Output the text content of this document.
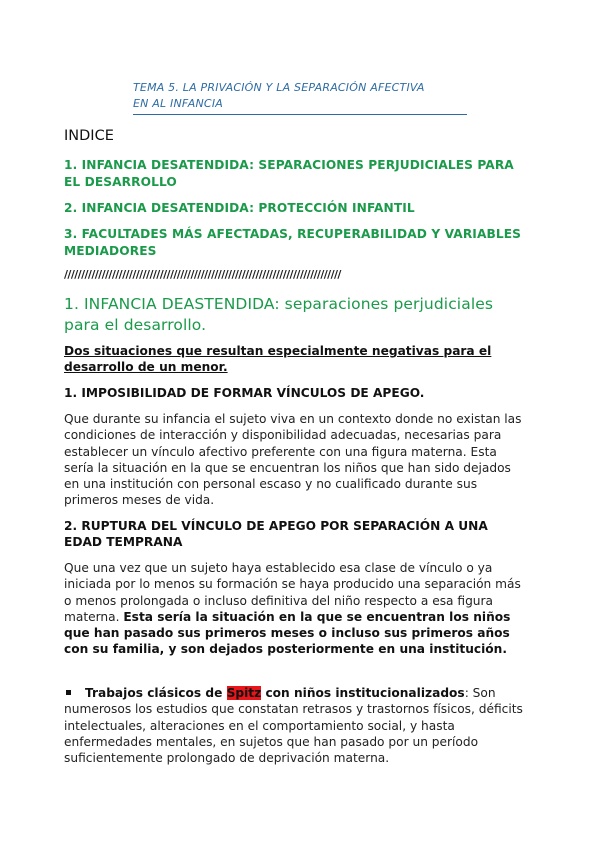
TEMA 5. LA PRIVACIÓN Y LA SEPARACIÓN AFECTIVA
EN AL INFANCIA
INDICE
1. INFANCIA DESATENDIDA: SEPARACIONES PERJUDICIALES PARA EL DESARROLLO
2. INFANCIA DESATENDIDA: PROTECCIÓN INFANTIL
3. FACULTADES MÁS AFECTADAS, RECUPERABILIDAD Y VARIABLES MEDIADORES
/////////////////////////////////////////////////////////////////////////////////
1. INFANCIA DEASTENDIDA: separaciones perjudiciales para el desarrollo.
Dos situaciones que resultan especialmente negativas para el desarrollo de un menor.
1. IMPOSIBILIDAD DE FORMAR VÍNCULOS DE APEGO.
Que durante su infancia el sujeto viva en un contexto donde no existan las condiciones de interacción y disponibilidad adecuadas, necesarias para establecer un vínculo afectivo preferente con una figura materna. Esta sería la situación en la que se encuentran los niños que han sido dejados en una institución con personal escaso y no cualificado durante sus primeros meses de vida.
2. RUPTURA DEL VÍNCULO DE APEGO POR SEPARACIÓN A UNA EDAD TEMPRANA
Que una vez que un sujeto haya establecido esa clase de vínculo o ya iniciada por lo menos su formación se haya producido una separación más o menos prolongada o incluso definitiva del niño respecto a esa figura materna. Esta sería la situación en la que se encuentran los niños que han pasado sus primeros meses o incluso sus primeros años con su familia, y son dejados posteriormente en una institución.
Trabajos clásicos de Spitz con niños institucionalizados: Son numerosos los estudios que constatan retrasos y trastornos físicos, déficits intelectuales, alteraciones en el comportamiento social, y hasta enfermedades mentales, en sujetos que han pasado por un período suficientemente prolongado de deprivación materna.
